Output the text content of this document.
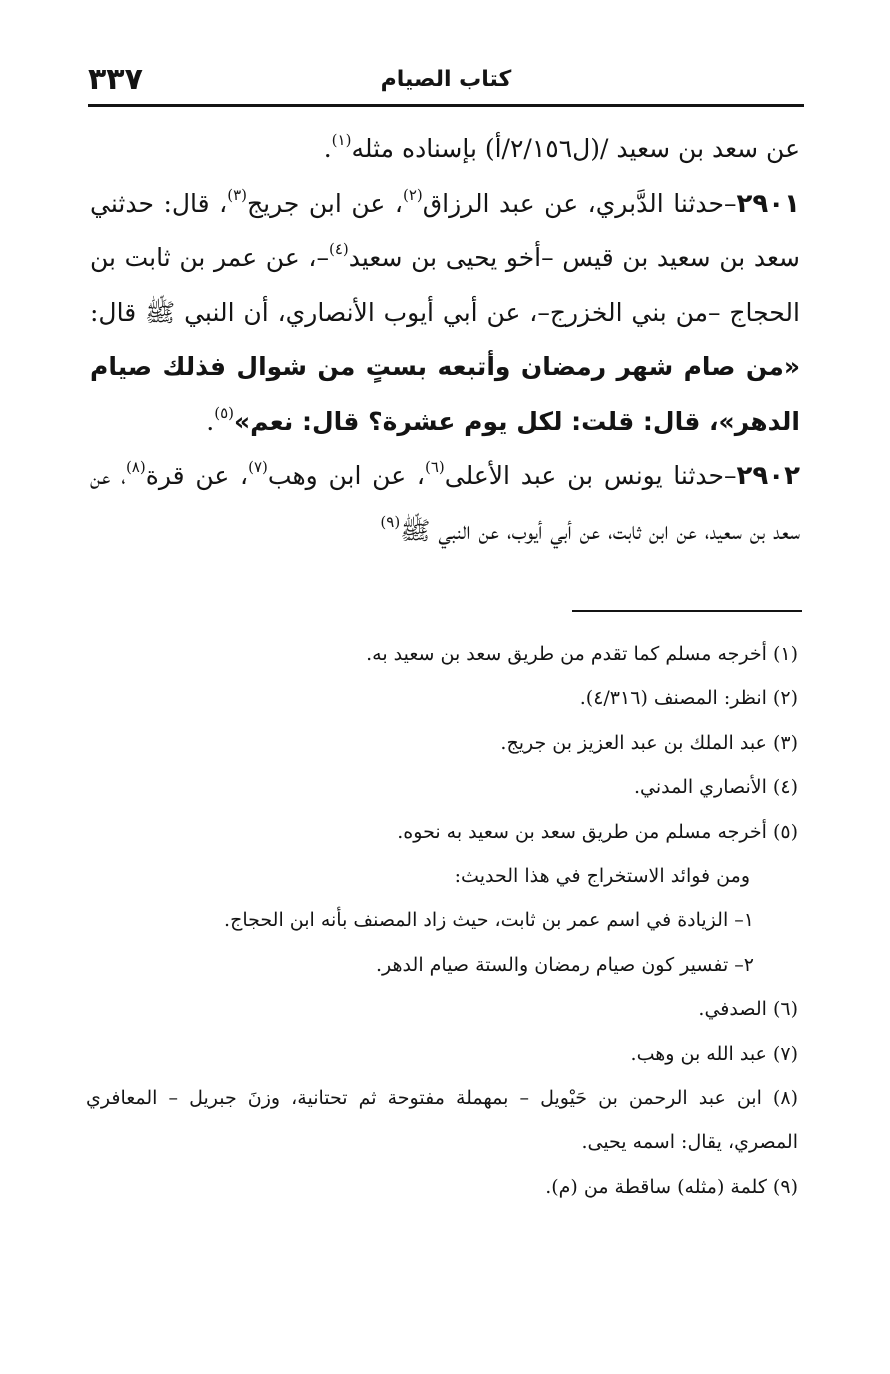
كتاب الصيام
٣٣٧

عن سعد بن سعيد /(ل٢/١٥٦/أ) بإسناده مثله$^{(١)}$.

٢٩٠١–حدثنا الدَّبري، عن عبد الرزاق$^{(٢)}$، عن ابن جريج$^{(٣)}$، قال: حدثني سعد بن سعيد بن قيس –أخو يحيى بن سعيد$^{(٤)}$–، عن عمر بن ثابت بن الحجاج –من بني الخزرج–، عن أبي أيوب الأنصاري، أن النبي ﷺ قال: «من صام شهر رمضان وأتبعه بستٍ من شوال فذلك صيام الدهر»، قال: قلت: لكل يوم عشرة؟ قال: نعم»$^{(٥)}$.

٢٩٠٢–حدثنا يونس بن عبد الأعلى$^{(٦)}$، عن ابن وهب$^{(٧)}$، عن قرة$^{(٨)}$، عن سعد بن سعيد، عن ابن ثابت، عن أبي أيوب، عن النبي ﷺ$^{(٩)}$

(١) أخرجه مسلم كما تقدم من طريق سعد بن سعيد به.

(٢) انظر: المصنف (٤/٣١٦).

(٣) عبد الملك بن عبد العزيز بن جريج.

(٤) الأنصاري المدني.

(٥) أخرجه مسلم من طريق سعد بن سعيد به نحوه.

ومن فوائد الاستخراج في هذا الحديث:

١– الزيادة في اسم عمر بن ثابت، حيث زاد المصنف بأنه ابن الحجاج.

٢– تفسير كون صيام رمضان والستة صيام الدهر.

(٦) الصدفي.

(٧) عبد الله بن وهب.

(٨) ابن عبد الرحمن بن حَيْويل – بمهملة مفتوحة ثم تحتانية، وزنَ جبريل – المعافري المصري، يقال: اسمه يحيى.

(٩) كلمة (مثله) ساقطة من (م).
